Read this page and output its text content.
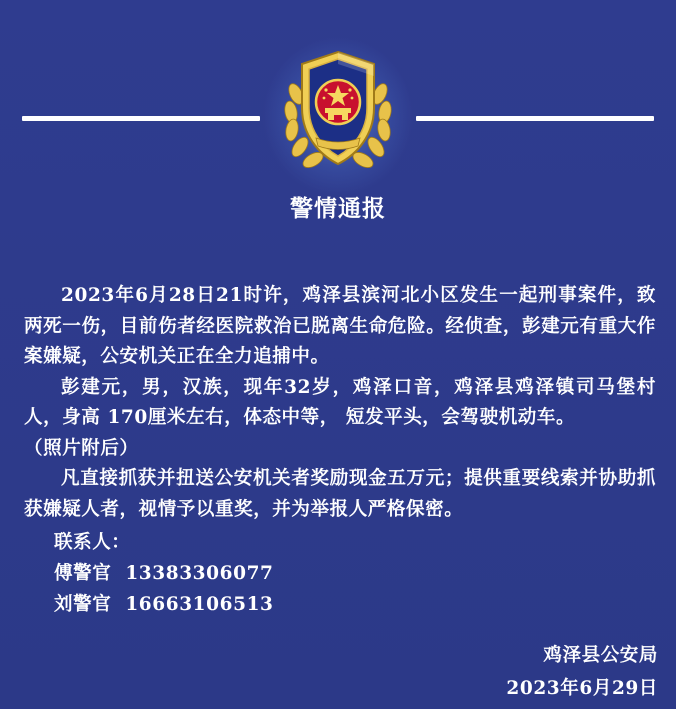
警情通报

2023年6月28日21时许，鸡泽县滨河北小区发生一起刑事案件，致两死一伤，目前伤者经医院救治已脱离生命危险。经侦查，彭建元有重大作案嫌疑，公安机关正在全力追捕中。

彭建元，男，汉族，现年32岁，鸡泽口音，鸡泽县鸡泽镇司马堡村人，身高 170厘米左右，体态中等， 短发平头，会驾驶机动车。
（照片附后）

凡直接抓获并扭送公安机关者奖励现金五万元；提供重要线索并协助抓获嫌疑人者，视情予以重奖，并为举报人严格保密。

联系人：

傅警官 13383306077

刘警官 16663106513

鸡泽县公安局
2023年6月29日
